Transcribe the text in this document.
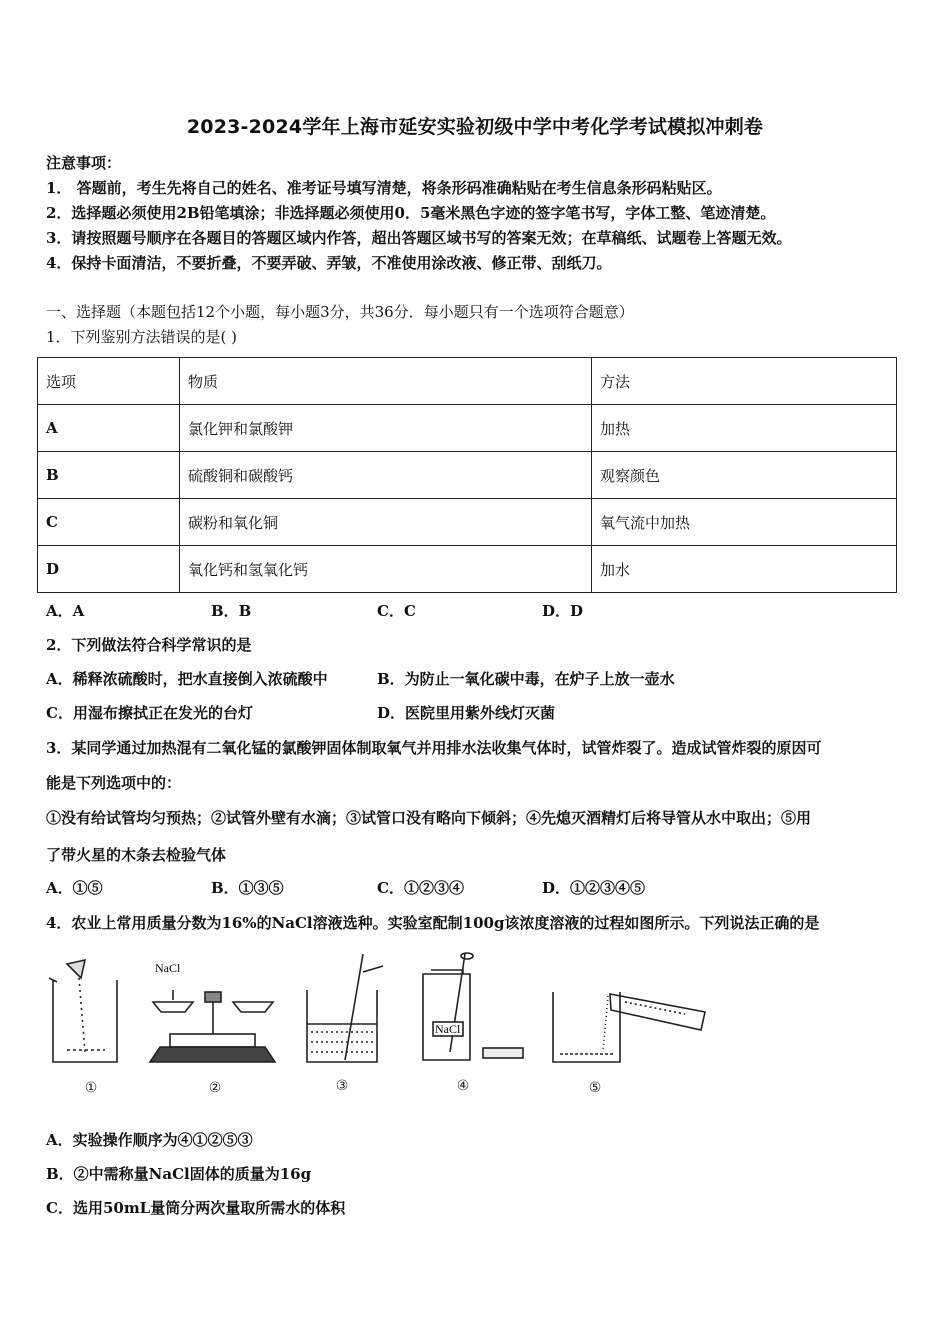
2023-2024学年上海市延安实验初级中学中考化学考试模拟冲刺卷
注意事项：
1． 答题前，考生先将自己的姓名、准考证号填写清楚，将条形码准确粘贴在考生信息条形码粘贴区。
2．选择题必须使用2B铅笔填涂；非选择题必须使用0．5毫米黑色字迹的签字笔书写，字体工整、笔迹清楚。
3．请按照题号顺序在各题目的答题区域内作答，超出答题区域书写的答案无效；在草稿纸、试题卷上答题无效。
4．保持卡面清洁，不要折叠，不要弄破、弄皱，不准使用涂改液、修正带、刮纸刀。
一、选择题（本题包括12个小题，每小题3分，共36分．每小题只有一个选项符合题意）
1．下列鉴别方法错误的是( )
选项	物质	方法
A	氯化钾和氯酸钾	加热
B	硫酸铜和碳酸钙	观察颜色
C	碳粉和氧化铜	氧气流中加热
D	氧化钙和氢氧化钙	加水
A．A	B．B	C．C	D．D
2．下列做法符合科学常识的是
A．稀释浓硫酸时，把水直接倒入浓硫酸中	B．为防止一氧化碳中毒，在炉子上放一壶水
C．用湿布擦拭正在发光的台灯	D．医院里用紫外线灯灭菌
3．某同学通过加热混有二氧化锰的氯酸钾固体制取氧气并用排水法收集气体时，试管炸裂了。造成试管炸裂的原因可
能是下列选项中的：
①没有给试管均匀预热；②试管外壁有水滴；③试管口没有略向下倾斜；④先熄灭酒精灯后将导管从水中取出；⑤用
了带火星的木条去检验气体
A．①⑤	B．①③⑤	C．①②③④	D．①②③④⑤
4．农业上常用质量分数为16%的NaCl溶液选种。实验室配制100g该浓度溶液的过程如图所示。下列说法正确的是
NaCl
NaCl
①	②	③	④	⑤
A．实验操作顺序为④①②⑤③
B．②中需称量NaCl固体的质量为16g
C．选用50mL量筒分两次量取所需水的体积
